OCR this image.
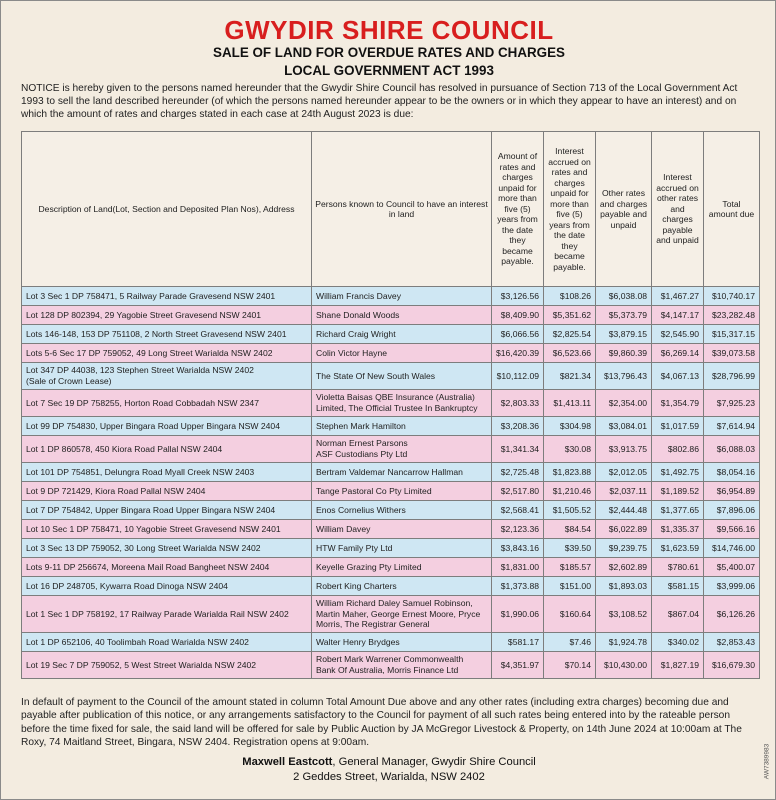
GWYDIR SHIRE COUNCIL
SALE OF LAND FOR OVERDUE RATES AND CHARGES
LOCAL GOVERNMENT ACT 1993
NOTICE is hereby given to the persons named hereunder that the Gwydir Shire Council has resolved in pursuance of Section 713 of the Local Government Act 1993 to sell the land described hereunder (of which the persons named hereunder appear to be the owners or in which they appear to have an interest) and on which the amount of rates and charges stated in each case at 24th August 2023 is due:
Description of Land(Lot, Section and Deposited Plan Nos), Address	Persons known to Council to have an interest in land	Amount of rates and charges unpaid for more than five (5) years from the date they became payable.	Interest accrued on rates and charges unpaid for more than five (5) years from the date they became payable.	Other rates and charges payable and unpaid	Interest accrued on other rates and charges payable and unpaid	Total amount due
Lot 3 Sec 1 DP 758471, 5 Railway Parade Gravesend NSW 2401	William Francis Davey	$3,126.56	$108.26	$6,038.08	$1,467.27	$10,740.17
Lot 128 DP 802394, 29 Yagobie Street Gravesend NSW 2401	Shane Donald Woods	$8,409.90	$5,351.62	$5,373.79	$4,147.17	$23,282.48
Lots 146-148, 153 DP 751108, 2 North Street Gravesend NSW 2401	Richard Craig Wright	$6,066.56	$2,825.54	$3,879.15	$2,545.90	$15,317.15
Lots 5-6 Sec 17 DP 759052, 49 Long Street Warialda NSW 2402	Colin Victor Hayne	$16,420.39	$6,523.66	$9,860.39	$6,269.14	$39,073.58
Lot 347 DP 44038, 123 Stephen Street Warialda NSW 2402
(Sale of Crown Lease)	The State Of New South Wales	$10,112.09	$821.34	$13,796.43	$4,067.13	$28,796.99
Lot 7 Sec 19 DP 758255, Horton Road Cobbadah NSW 2347	Violetta Baisas QBE Insurance (Australia)
Limited, The Official Trustee In Bankruptcy	$2,803.33	$1,413.11	$2,354.00	$1,354.79	$7,925.23
Lot 99 DP 754830, Upper Bingara Road Upper Bingara NSW 2404	Stephen Mark Hamilton	$3,208.36	$304.98	$3,084.01	$1,017.59	$7,614.94
Lot 1 DP 860578, 450 Kiora Road Pallal NSW 2404	Norman Ernest Parsons
ASF Custodians Pty Ltd	$1,341.34	$30.08	$3,913.75	$802.86	$6,088.03
Lot 101 DP 754851, Delungra Road Myall Creek NSW 2403	Bertram Valdemar Nancarrow Hallman	$2,725.48	$1,823.88	$2,012.05	$1,492.75	$8,054.16
Lot 9 DP 721429, Kiora Road Pallal NSW 2404	Tange Pastoral Co Pty Limited	$2,517.80	$1,210.46	$2,037.11	$1,189.52	$6,954.89
Lot 7 DP 754842, Upper Bingara Road Upper Bingara NSW 2404	Enos Cornelius Withers	$2,568.41	$1,505.52	$2,444.48	$1,377.65	$7,896.06
Lot 10 Sec 1 DP 758471, 10 Yagobie Street Gravesend NSW 2401	William Davey	$2,123.36	$84.54	$6,022.89	$1,335.37	$9,566.16
Lot 3 Sec 13 DP 759052, 30 Long Street Warialda NSW 2402	HTW Family Pty Ltd	$3,843.16	$39.50	$9,239.75	$1,623.59	$14,746.00
Lots 9-11 DP 256674, Moreena Mail Road Bangheet NSW 2404	Keyelle Grazing Pty Limited	$1,831.00	$185.57	$2,602.89	$780.61	$5,400.07
Lot 16 DP 248705, Kywarra Road Dinoga NSW 2404	Robert King Charters	$1,373.88	$151.00	$1,893.03	$581.15	$3,999.06
Lot 1 Sec 1 DP 758192, 17 Railway Parade Warialda Rail NSW 2402	William Richard Daley Samuel Robinson,
Martin Maher, George Ernest Moore, Pryce
Morris, The Registrar General	$1,990.06	$160.64	$3,108.52	$867.04	$6,126.26
Lot 1 DP 652106, 40 Toolimbah Road Warialda NSW 2402	Walter Henry Brydges	$581.17	$7.46	$1,924.78	$340.02	$2,853.43
Lot 19 Sec 7 DP 759052, 5 West Street Warialda NSW 2402	Robert Mark Warrener Commonwealth
Bank Of Australia, Morris Finance Ltd	$4,351.97	$70.14	$10,430.00	$1,827.19	$16,679.30
In default of payment to the Council of the amount stated in column Total Amount Due above and any other rates (including extra charges) becoming due and payable after publication of this notice, or any arrangements satisfactory to the Council for payment of all such rates being entered into by the rateable person before the time fixed for sale, the said land will be offered for sale by Public Auction by JA McGregor Livestock & Property, on 14th June 2024 at 10:00am at The Roxy, 74 Maitland Street, Bingara, NSW 2404. Registration opens at 9:00am.
Maxwell Eastcott, General Manager, Gwydir Shire Council
2 Geddes Street, Warialda, NSW 2402	AW7389983
